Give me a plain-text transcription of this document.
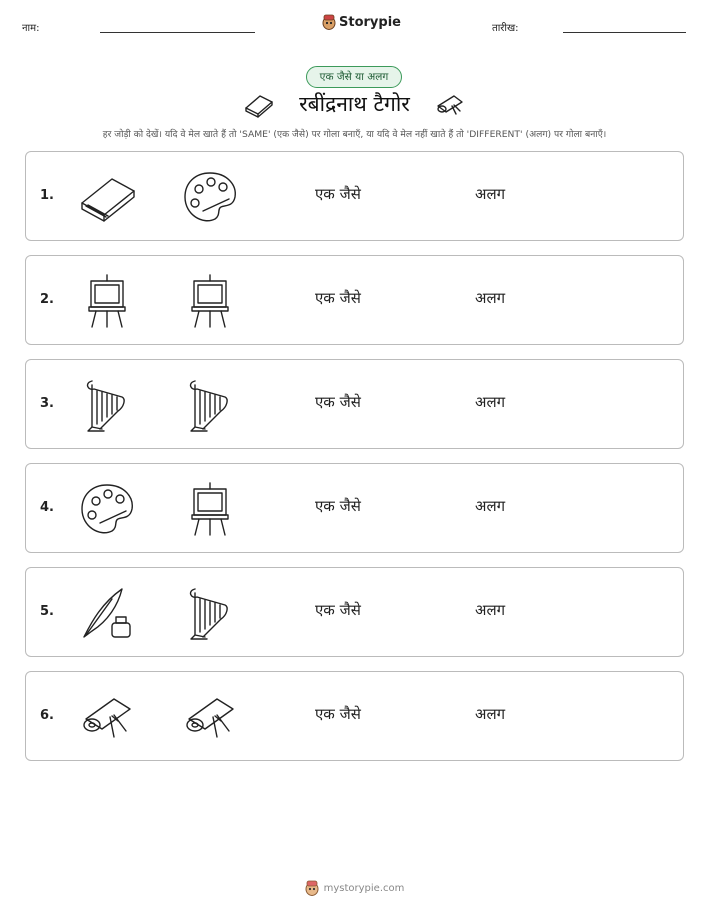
नाम:	Storypie	तारीख:
एक जैसे या अलग
रबींद्रनाथ टैगोर
हर जोड़ी को देखें। यदि वे मेल खाते हैं तो 'SAME' (एक जैसे) पर गोला बनाएँ, या यदि वे मेल नहीं खाते हैं तो 'DIFFERENT' (अलग) पर गोला बनाएँ।
1.	एक जैसे	अलग
2.	एक जैसे	अलग
3.	एक जैसे	अलग
4.	एक जैसे	अलग
5.	एक जैसे	अलग
6.	एक जैसे	अलग
mystorypie.com
